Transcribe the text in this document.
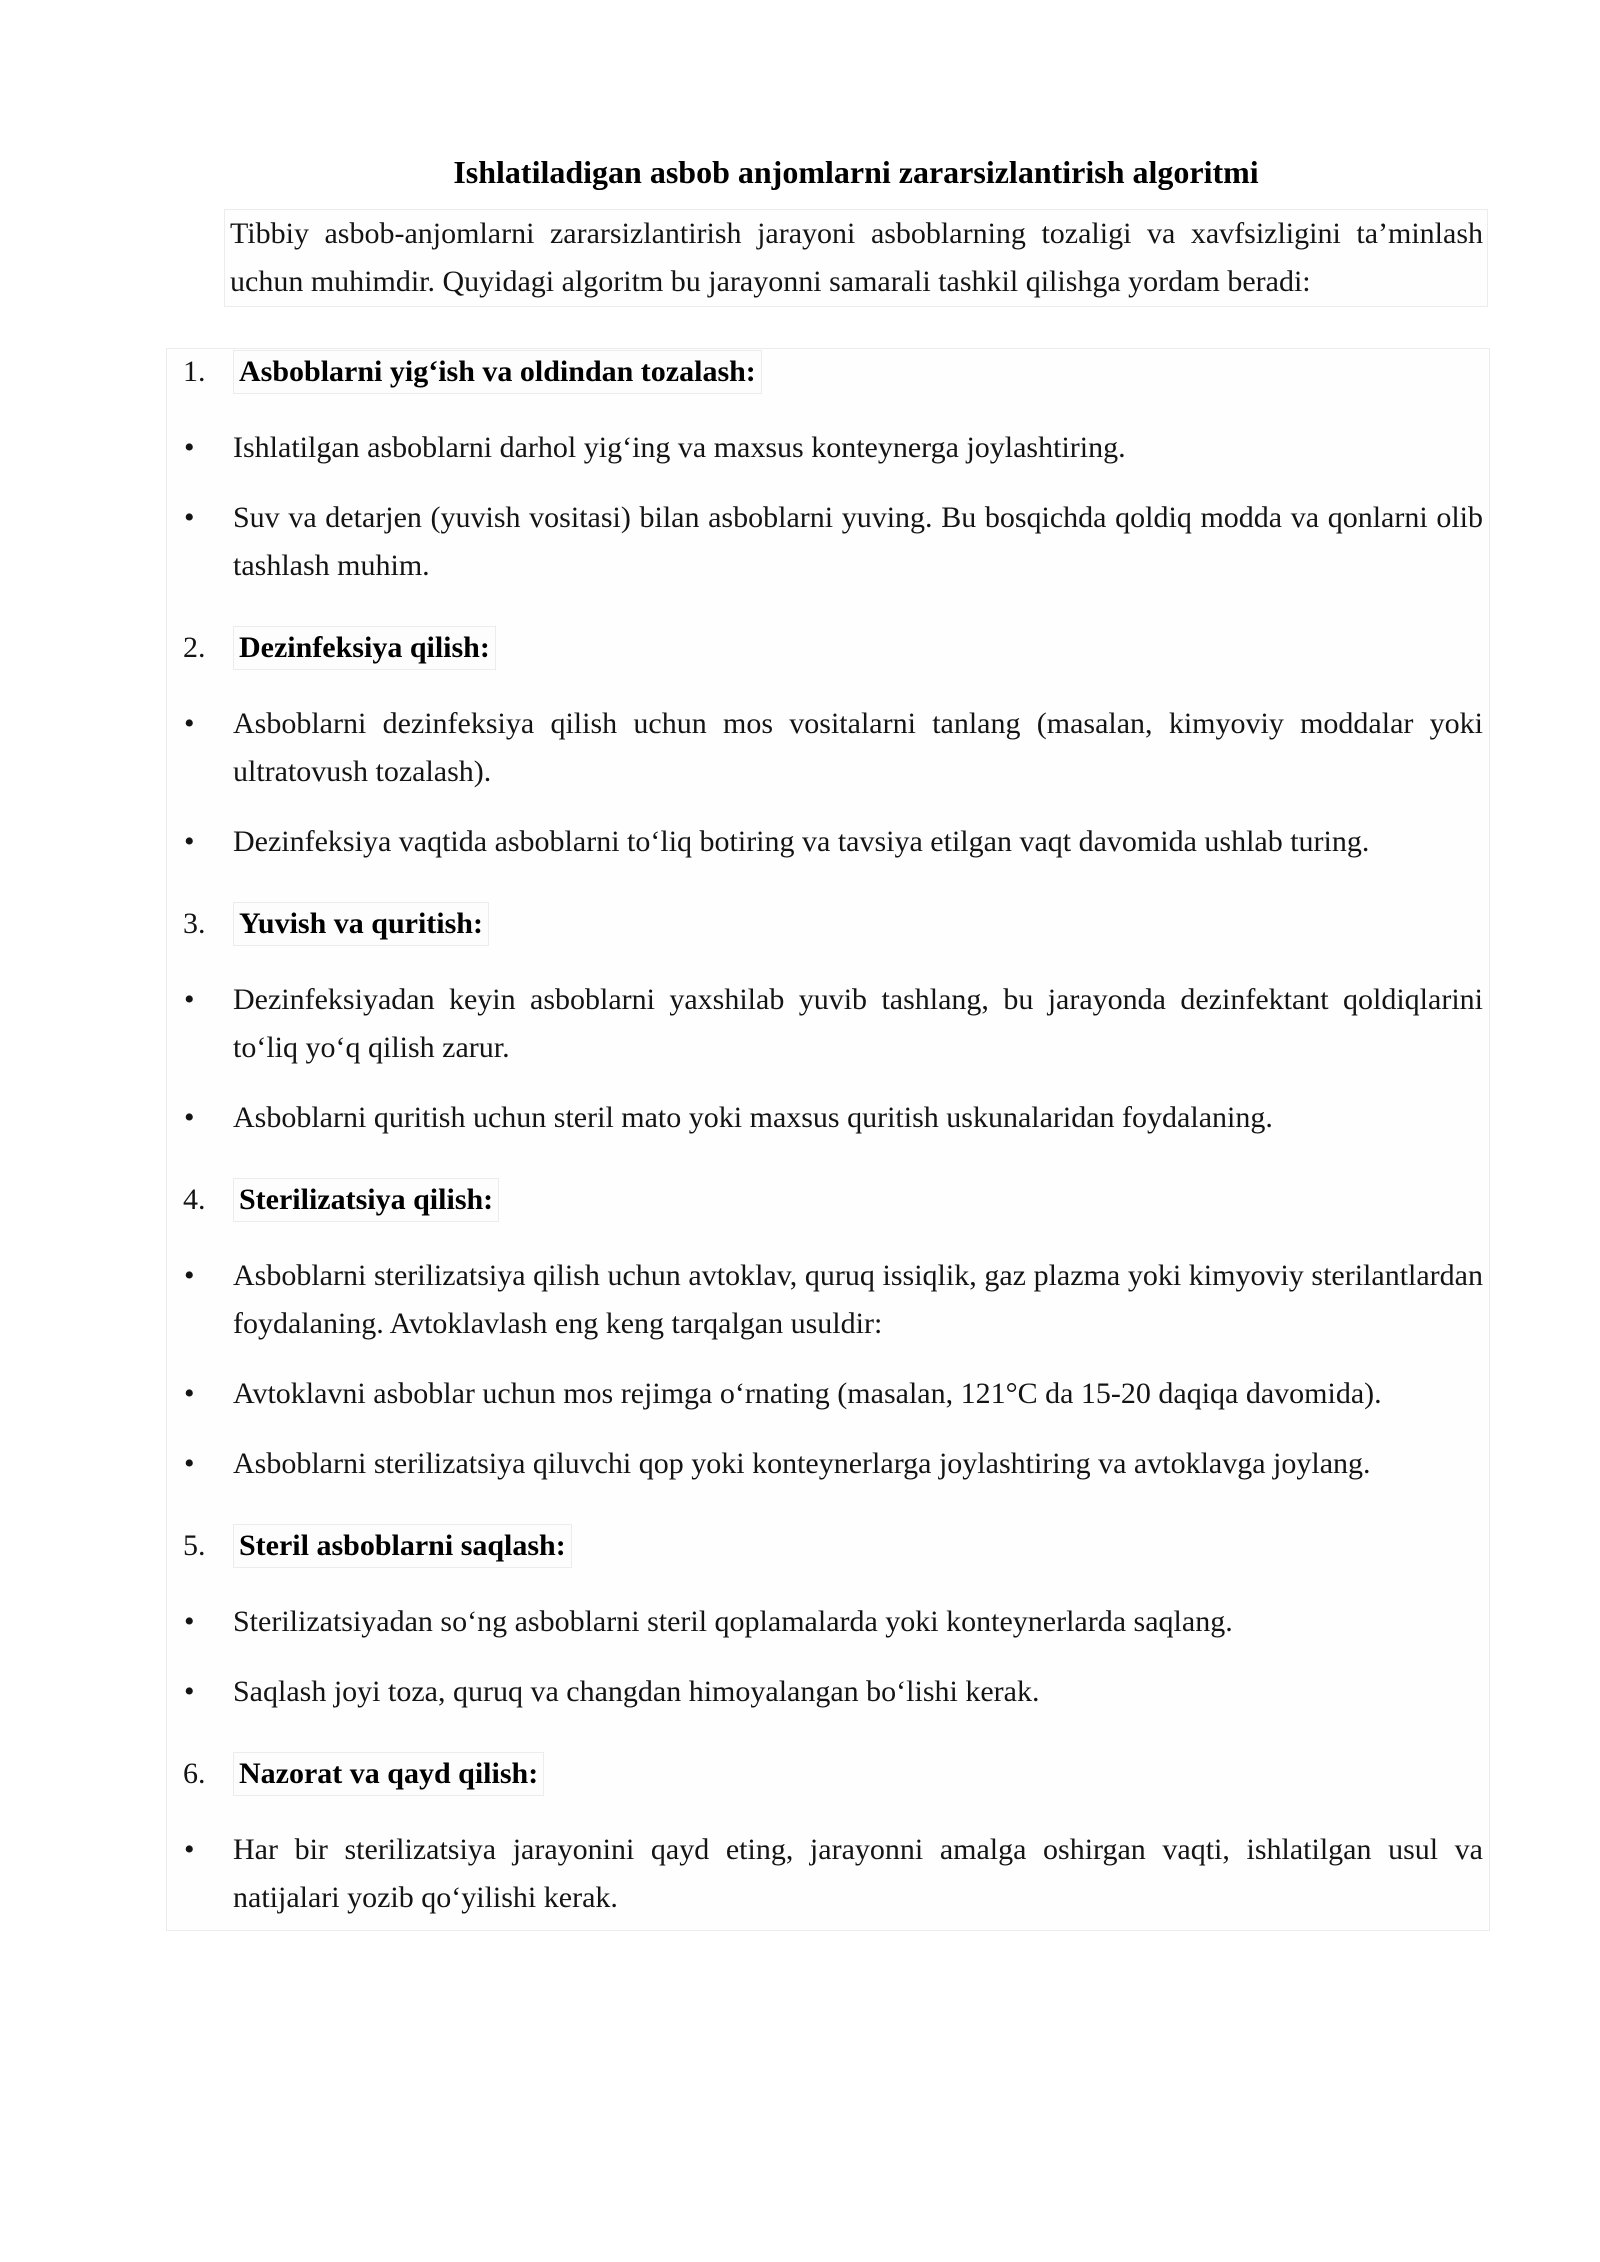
Ishlatiladigan asbob anjomlarni zararsizlantirish algoritmi
Tibbiy asbob-anjomlarni zararsizlantirish jarayoni asboblarning tozaligi va xavfsizligini ta’minlash uchun muhimdir. Quyidagi algoritm bu jarayonni samarali tashkil qilishga yordam beradi:
1. Asboblarni yigʻish va oldindan tozalash:
• Ishlatilgan asboblarni darhol yigʻing va maxsus konteynerga joylashtiring.
• Suv va detarjen (yuvish vositasi) bilan asboblarni yuving. Bu bosqichda qoldiq modda va qonlarni olib tashlash muhim.
2. Dezinfeksiya qilish:
• Asboblarni dezinfeksiya qilish uchun mos vositalarni tanlang (masalan, kimyoviy moddalar yoki ultratovush tozalash).
• Dezinfeksiya vaqtida asboblarni toʻliq botiring va tavsiya etilgan vaqt davomida ushlab turing.
3. Yuvish va quritish:
• Dezinfeksiyadan keyin asboblarni yaxshilab yuvib tashlang, bu jarayonda dezinfektant qoldiqlarini toʻliq yoʻq qilish zarur.
• Asboblarni quritish uchun steril mato yoki maxsus quritish uskunalaridan foydalaning.
4. Sterilizatsiya qilish:
• Asboblarni sterilizatsiya qilish uchun avtoklav, quruq issiqlik, gaz plazma yoki kimyoviy sterilantlardan foydalaning. Avtoklavlash eng keng tarqalgan usuldir:
• Avtoklavni asboblar uchun mos rejimga oʻrnating (masalan, 121°C da 15-20 daqiqa davomida).
• Asboblarni sterilizatsiya qiluvchi qop yoki konteynerlarga joylashtiring va avtoklavga joylang.
5. Steril asboblarni saqlash:
• Sterilizatsiyadan soʻng asboblarni steril qoplamalarda yoki konteynerlarda saqlang.
• Saqlash joyi toza, quruq va changdan himoyalangan boʻlishi kerak.
6. Nazorat va qayd qilish:
• Har bir sterilizatsiya jarayonini qayd eting, jarayonni amalga oshirgan vaqti, ishlatilgan usul va natijalari yozib qoʻyilishi kerak.
